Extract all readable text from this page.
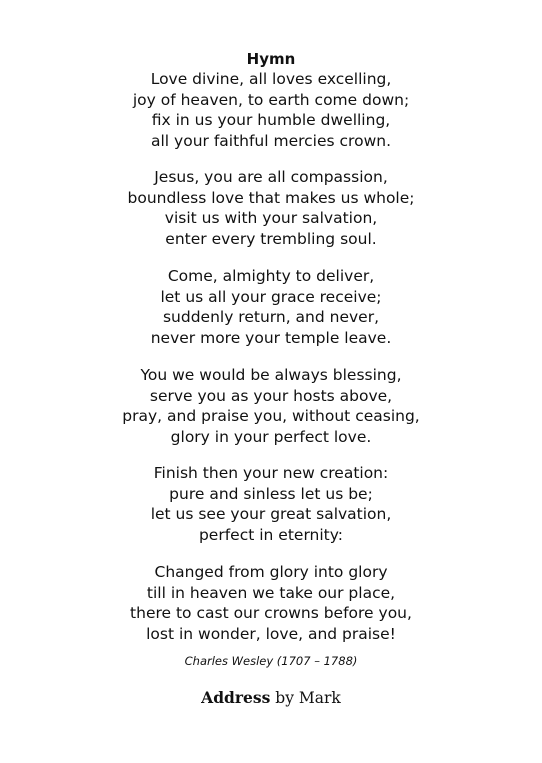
Hymn
Love divine, all loves excelling,
joy of heaven, to earth come down;
fix in us your humble dwelling,
all your faithful mercies crown.
Jesus, you are all compassion,
boundless love that makes us whole;
visit us with your salvation,
enter every trembling soul.
Come, almighty to deliver,
let us all your grace receive;
suddenly return, and never,
never more your temple leave.
You we would be always blessing,
serve you as your hosts above,
pray, and praise you, without ceasing,
glory in your perfect love.
Finish then your new creation:
pure and sinless let us be;
let us see your great salvation,
perfect in eternity:
Changed from glory into glory
till in heaven we take our place,
there to cast our crowns before you,
lost in wonder, love, and praise!
Charles Wesley (1707 – 1788)
Address by Mark
